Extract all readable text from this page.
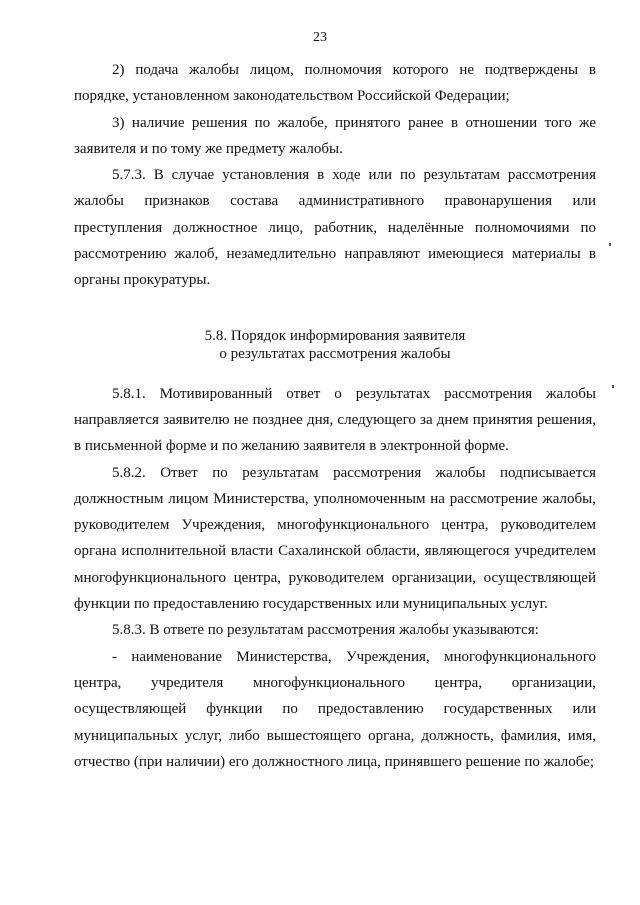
23

2) подача жалобы лицом, полномочия которого не подтверждены в порядке, установленном законодательством Российской Федерации;

3) наличие решения по жалобе, принятого ранее в отношении того же заявителя и по тому же предмету жалобы.

5.7.3. В случае установления в ходе или по результатам рассмотрения жалобы признаков состава административного правонарушения или преступления должностное лицо, работник, наделённые полномочиями по рассмотрению жалоб, незамедлительно направляют имеющиеся материалы в органы прокуратуры.

5.8. Порядок информирования заявителя
о результатах рассмотрения жалобы

5.8.1. Мотивированный ответ о результатах рассмотрения жалобы направляется заявителю не позднее дня, следующего за днем принятия решения, в письменной форме и по желанию заявителя в электронной форме.

5.8.2. Ответ по результатам рассмотрения жалобы подписывается должностным лицом Министерства, уполномоченным на рассмотрение жалобы, руководителем Учреждения, многофункционального центра, руководителем органа исполнительной власти Сахалинской области, являющегося учредителем многофункционального центра, руководителем организации, осуществляющей функции по предоставлению государственных или муниципальных услуг.

5.8.3. В ответе по результатам рассмотрения жалобы указываются:

- наименование Министерства, Учреждения, многофункционального центра, учредителя многофункционального центра, организации, осуществляющей функции по предоставлению государственных или муниципальных услуг, либо вышестоящего органа, должность, фамилия, имя, отчество (при наличии) его должностного лица, принявшего решение по жалобе;
